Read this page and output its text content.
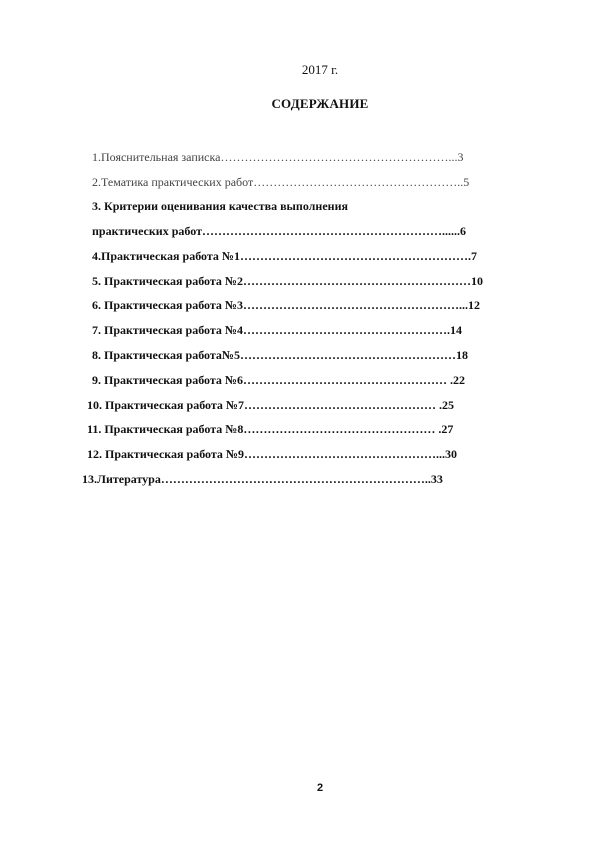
2017 г.
СОДЕРЖАНИЕ
1.Пояснительная записка…………………………………………………...3
2.Тематика практических работ……………………………………………..5
3. Критерии оценивания качества выполнения
практических работ……………………………………………………......6
4.Практическая работа №1………………………………………………….7
5. Практическая работа №2…………………………………………………10
6. Практическая работа №3………………………………………………...12
7. Практическая работа №4…………………………………………….14
8. Практическая работа№5………………………………………………18
9. Практическая работа №6…………………………………………… .22
10. Практическая работа №7………………………………………… .25
11. Практическая работа №8………………………………………… .27
12. Практическая работа №9…………………………………………...30
13.Литература…………………………………………………………..33
2
